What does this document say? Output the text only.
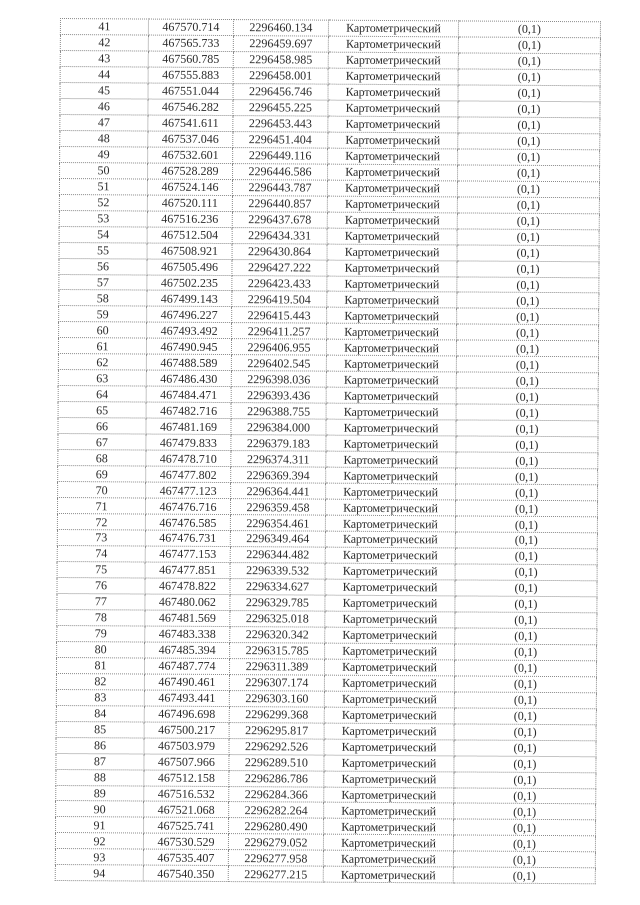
41	467570.714	2296460.134	Картометрический	(0,1)
42	467565.733	2296459.697	Картометрический	(0,1)
43	467560.785	2296458.985	Картометрический	(0,1)
44	467555.883	2296458.001	Картометрический	(0,1)
45	467551.044	2296456.746	Картометрический	(0,1)
46	467546.282	2296455.225	Картометрический	(0,1)
47	467541.611	2296453.443	Картометрический	(0,1)
48	467537.046	2296451.404	Картометрический	(0,1)
49	467532.601	2296449.116	Картометрический	(0,1)
50	467528.289	2296446.586	Картометрический	(0,1)
51	467524.146	2296443.787	Картометрический	(0,1)
52	467520.111	2296440.857	Картометрический	(0,1)
53	467516.236	2296437.678	Картометрический	(0,1)
54	467512.504	2296434.331	Картометрический	(0,1)
55	467508.921	2296430.864	Картометрический	(0,1)
56	467505.496	2296427.222	Картометрический	(0,1)
57	467502.235	2296423.433	Картометрический	(0,1)
58	467499.143	2296419.504	Картометрический	(0,1)
59	467496.227	2296415.443	Картометрический	(0,1)
60	467493.492	2296411.257	Картометрический	(0,1)
61	467490.945	2296406.955	Картометрический	(0,1)
62	467488.589	2296402.545	Картометрический	(0,1)
63	467486.430	2296398.036	Картометрический	(0,1)
64	467484.471	2296393.436	Картометрический	(0,1)
65	467482.716	2296388.755	Картометрический	(0,1)
66	467481.169	2296384.000	Картометрический	(0,1)
67	467479.833	2296379.183	Картометрический	(0,1)
68	467478.710	2296374.311	Картометрический	(0,1)
69	467477.802	2296369.394	Картометрический	(0,1)
70	467477.123	2296364.441	Картометрический	(0,1)
71	467476.716	2296359.458	Картометрический	(0,1)
72	467476.585	2296354.461	Картометрический	(0,1)
73	467476.731	2296349.464	Картометрический	(0,1)
74	467477.153	2296344.482	Картометрический	(0,1)
75	467477.851	2296339.532	Картометрический	(0,1)
76	467478.822	2296334.627	Картометрический	(0,1)
77	467480.062	2296329.785	Картометрический	(0,1)
78	467481.569	2296325.018	Картометрический	(0,1)
79	467483.338	2296320.342	Картометрический	(0,1)
80	467485.394	2296315.785	Картометрический	(0,1)
81	467487.774	2296311.389	Картометрический	(0,1)
82	467490.461	2296307.174	Картометрический	(0,1)
83	467493.441	2296303.160	Картометрический	(0,1)
84	467496.698	2296299.368	Картометрический	(0,1)
85	467500.217	2296295.817	Картометрический	(0,1)
86	467503.979	2296292.526	Картометрический	(0,1)
87	467507.966	2296289.510	Картометрический	(0,1)
88	467512.158	2296286.786	Картометрический	(0,1)
89	467516.532	2296284.366	Картометрический	(0,1)
90	467521.068	2296282.264	Картометрический	(0,1)
91	467525.741	2296280.490	Картометрический	(0,1)
92	467530.529	2296279.052	Картометрический	(0,1)
93	467535.407	2296277.958	Картометрический	(0,1)
94	467540.350	2296277.215	Картометрический	(0,1)
